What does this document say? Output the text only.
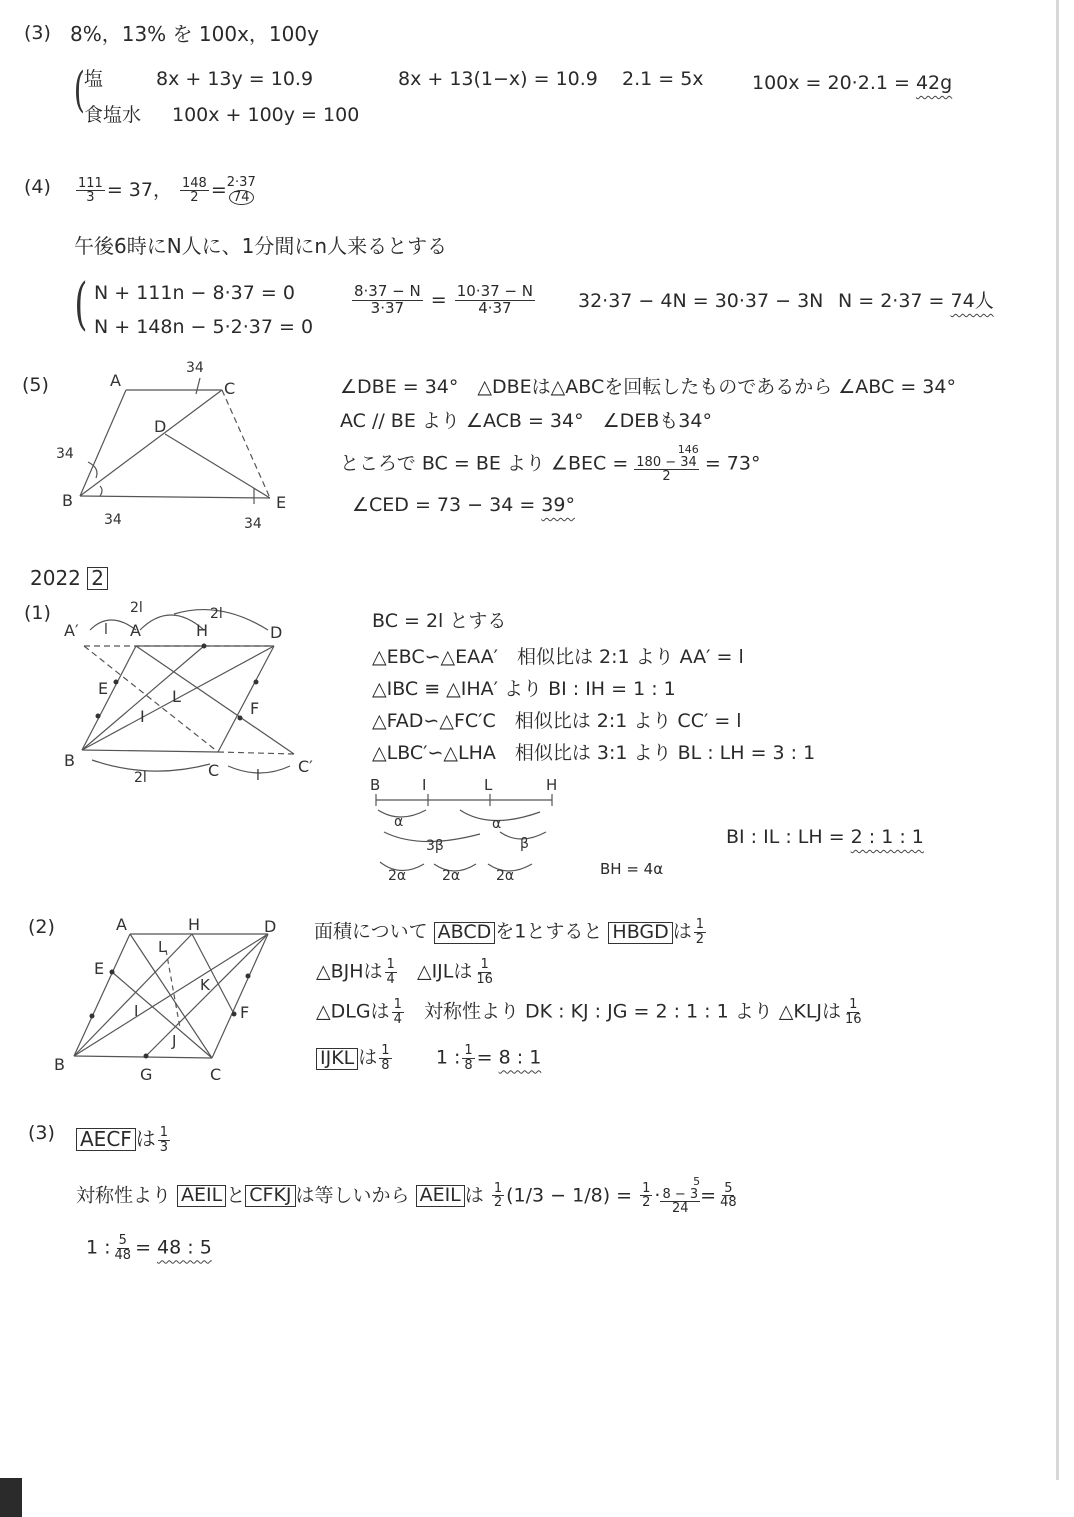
(3) 8%，13% を 100x，100y
( 塩	8x + 13y = 10.9
食塩水 100x + 100y = 100
8x + 13(1−x) = 10.9 2.1 = 5x	100x = 20·2.1 = 42g
$(4) \frac{111}{3} = 37$， $\frac{148}{2} = \frac{2\cdot 37}{74}$
午後6時にN人に、1分間にn人来るとする
( N + 111n − 8·37 = 0
N + 148n − 5·2·37 = 0
$\frac{8\cdot 37 - N}{3\cdot 37} = \frac{10\cdot 37 - N}{4\cdot 37} 32\cdot 37 - 4N = 30\cdot 37 - 3N$ N = 2·37 = 74人
(5)	A	C
D
B	E
34
34
34	34
∠DBE = 34°　△DBEは△ABCを回転したものであるから ∠ABC = 34°
AC // BE より ∠ACB = 34°　∠DEBも34°
ところで BC = BE より ∠BEC =
146
180 − 34
2
= 73°
∠CED = 73 − 34 = 39°
2022 2
(1)
A′	A	H	D
E	L
I	F
B
C	C′
l
2l	2l
2l	l
BC = 2l とする
△EBC∽△EAA′　相似比は 2:1 より AA′ = l
△IBC ≡ △IHA′ より BI : IH = 1 : 1
△FAD∽△FC′C　相似比は 2:1 より CC′ = l
△LBC′∽△LHA　相似比は 3:1 より BL : LH = 3 : 1
B	I	L	H
α	α
3β	β
2α	2α	2α	BH = 4α
BI : IL : LH = 2 : 1 : 1
(2)	A	H	D
E
L
K
I	F
J
B
G	C
面積について ABCD を1とすると HBGD は $\frac{1}{2}$
△BJHは $\frac{1}{4}$ △IJLは $\frac{1}{16}$
△DLGは $\frac{1}{4}$ 対称性より DK : KJ : JG = 2 : 1 : 1 より △KLJは $\frac{1}{16}$
IJKL は $\frac{1}{8} 1$ : $\frac{1}{8} = 8$ : 1
(3) AECF は $\frac{1}{3}$
対称性より AEIL と CFKJ は等しいから AEIL は $\frac{1}{2} (1/3 - 1/8) = \frac{1}{2}$ ·
5
8 − 3
24
= $\frac{5}{48}$
1 : $\frac{5}{48} = 48$ : 5
